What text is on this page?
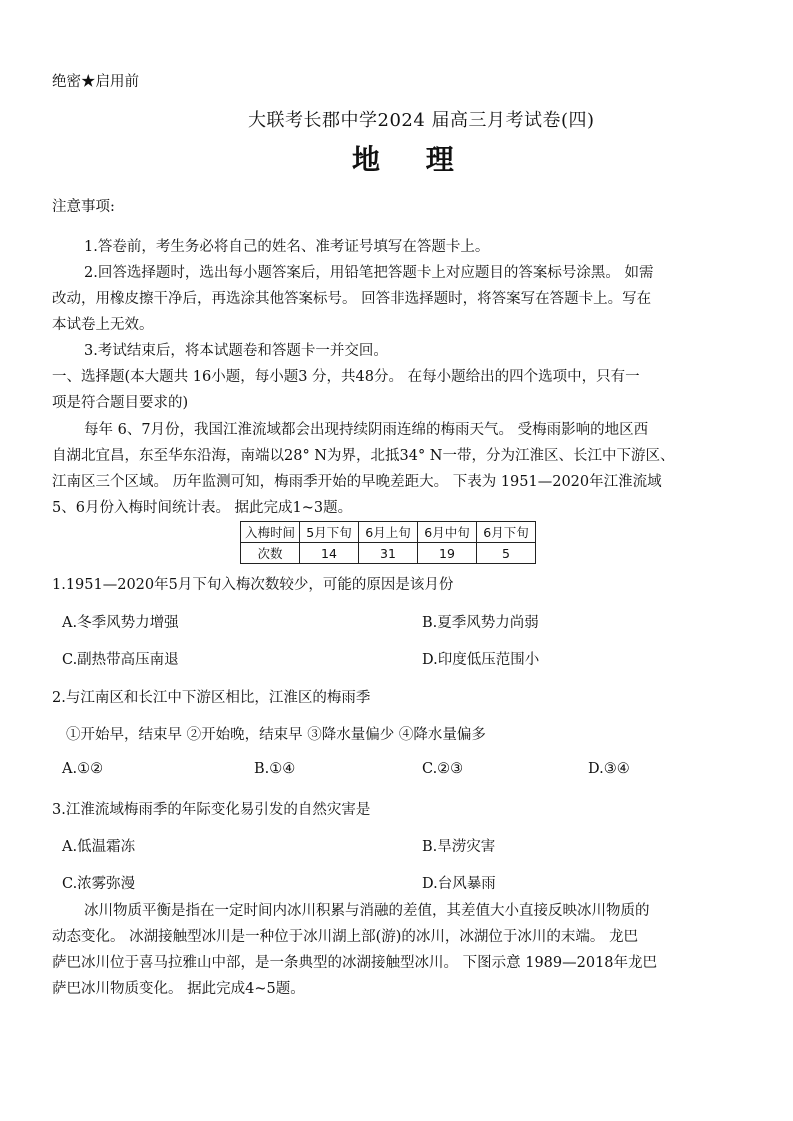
绝密★启用前
大联考长郡中学2024 届高三月考试卷(四)
地 理
注意事项:
1.答卷前，考生务必将自己的姓名、准考证号填写在答题卡上。
2.回答选择题时，选出每小题答案后，用铅笔把答题卡上对应题目的答案标号涂黑。 如需
改动，用橡皮擦干净后，再选涂其他答案标号。 回答非选择题时，将答案写在答题卡上。写在
本试卷上无效。
3.考试结束后，将本试题卷和答题卡一并交回。
一、选择题(本大题共 16小题，每小题3 分，共48分。 在每小题给出的四个选项中，只有一
项是符合题目要求的)
每年 6、7月份，我国江淮流域都会出现持续阴雨连绵的梅雨天气。 受梅雨影响的地区西
自湖北宜昌，东至华东沿海，南端以28° N为界，北抵34° N一带，分为江淮区、长江中下游区、
江南区三个区域。 历年监测可知，梅雨季开始的早晚差距大。 下表为 1951—2020年江淮流域
5、6月份入梅时间统计表。 据此完成1~3题。
入梅时间	5月下旬	6月上旬	6月中旬	6月下旬
次数	14	31	19	5
1.1951—2020年5月下旬入梅次数较少，可能的原因是该月份
A.冬季风势力增强	B.夏季风势力尚弱
C.副热带高压南退	D.印度低压范围小
2.与江南区和长江中下游区相比，江淮区的梅雨季
①开始早，结束早 ②开始晚，结束早 ③降水量偏少 ④降水量偏多
A.①②	B.①④	C.②③	D.③④
3.江淮流域梅雨季的年际变化易引发的自然灾害是
A.低温霜冻	B.旱涝灾害
C.浓雾弥漫	D.台风暴雨
冰川物质平衡是指在一定时间内冰川积累与消融的差值，其差值大小直接反映冰川物质的
动态变化。 冰湖接触型冰川是一种位于冰川湖上部(游)的冰川，冰湖位于冰川的末端。 龙巴
萨巴冰川位于喜马拉雅山中部，是一条典型的冰湖接触型冰川。 下图示意 1989—2018年龙巴
萨巴冰川物质变化。 据此完成4~5题。
